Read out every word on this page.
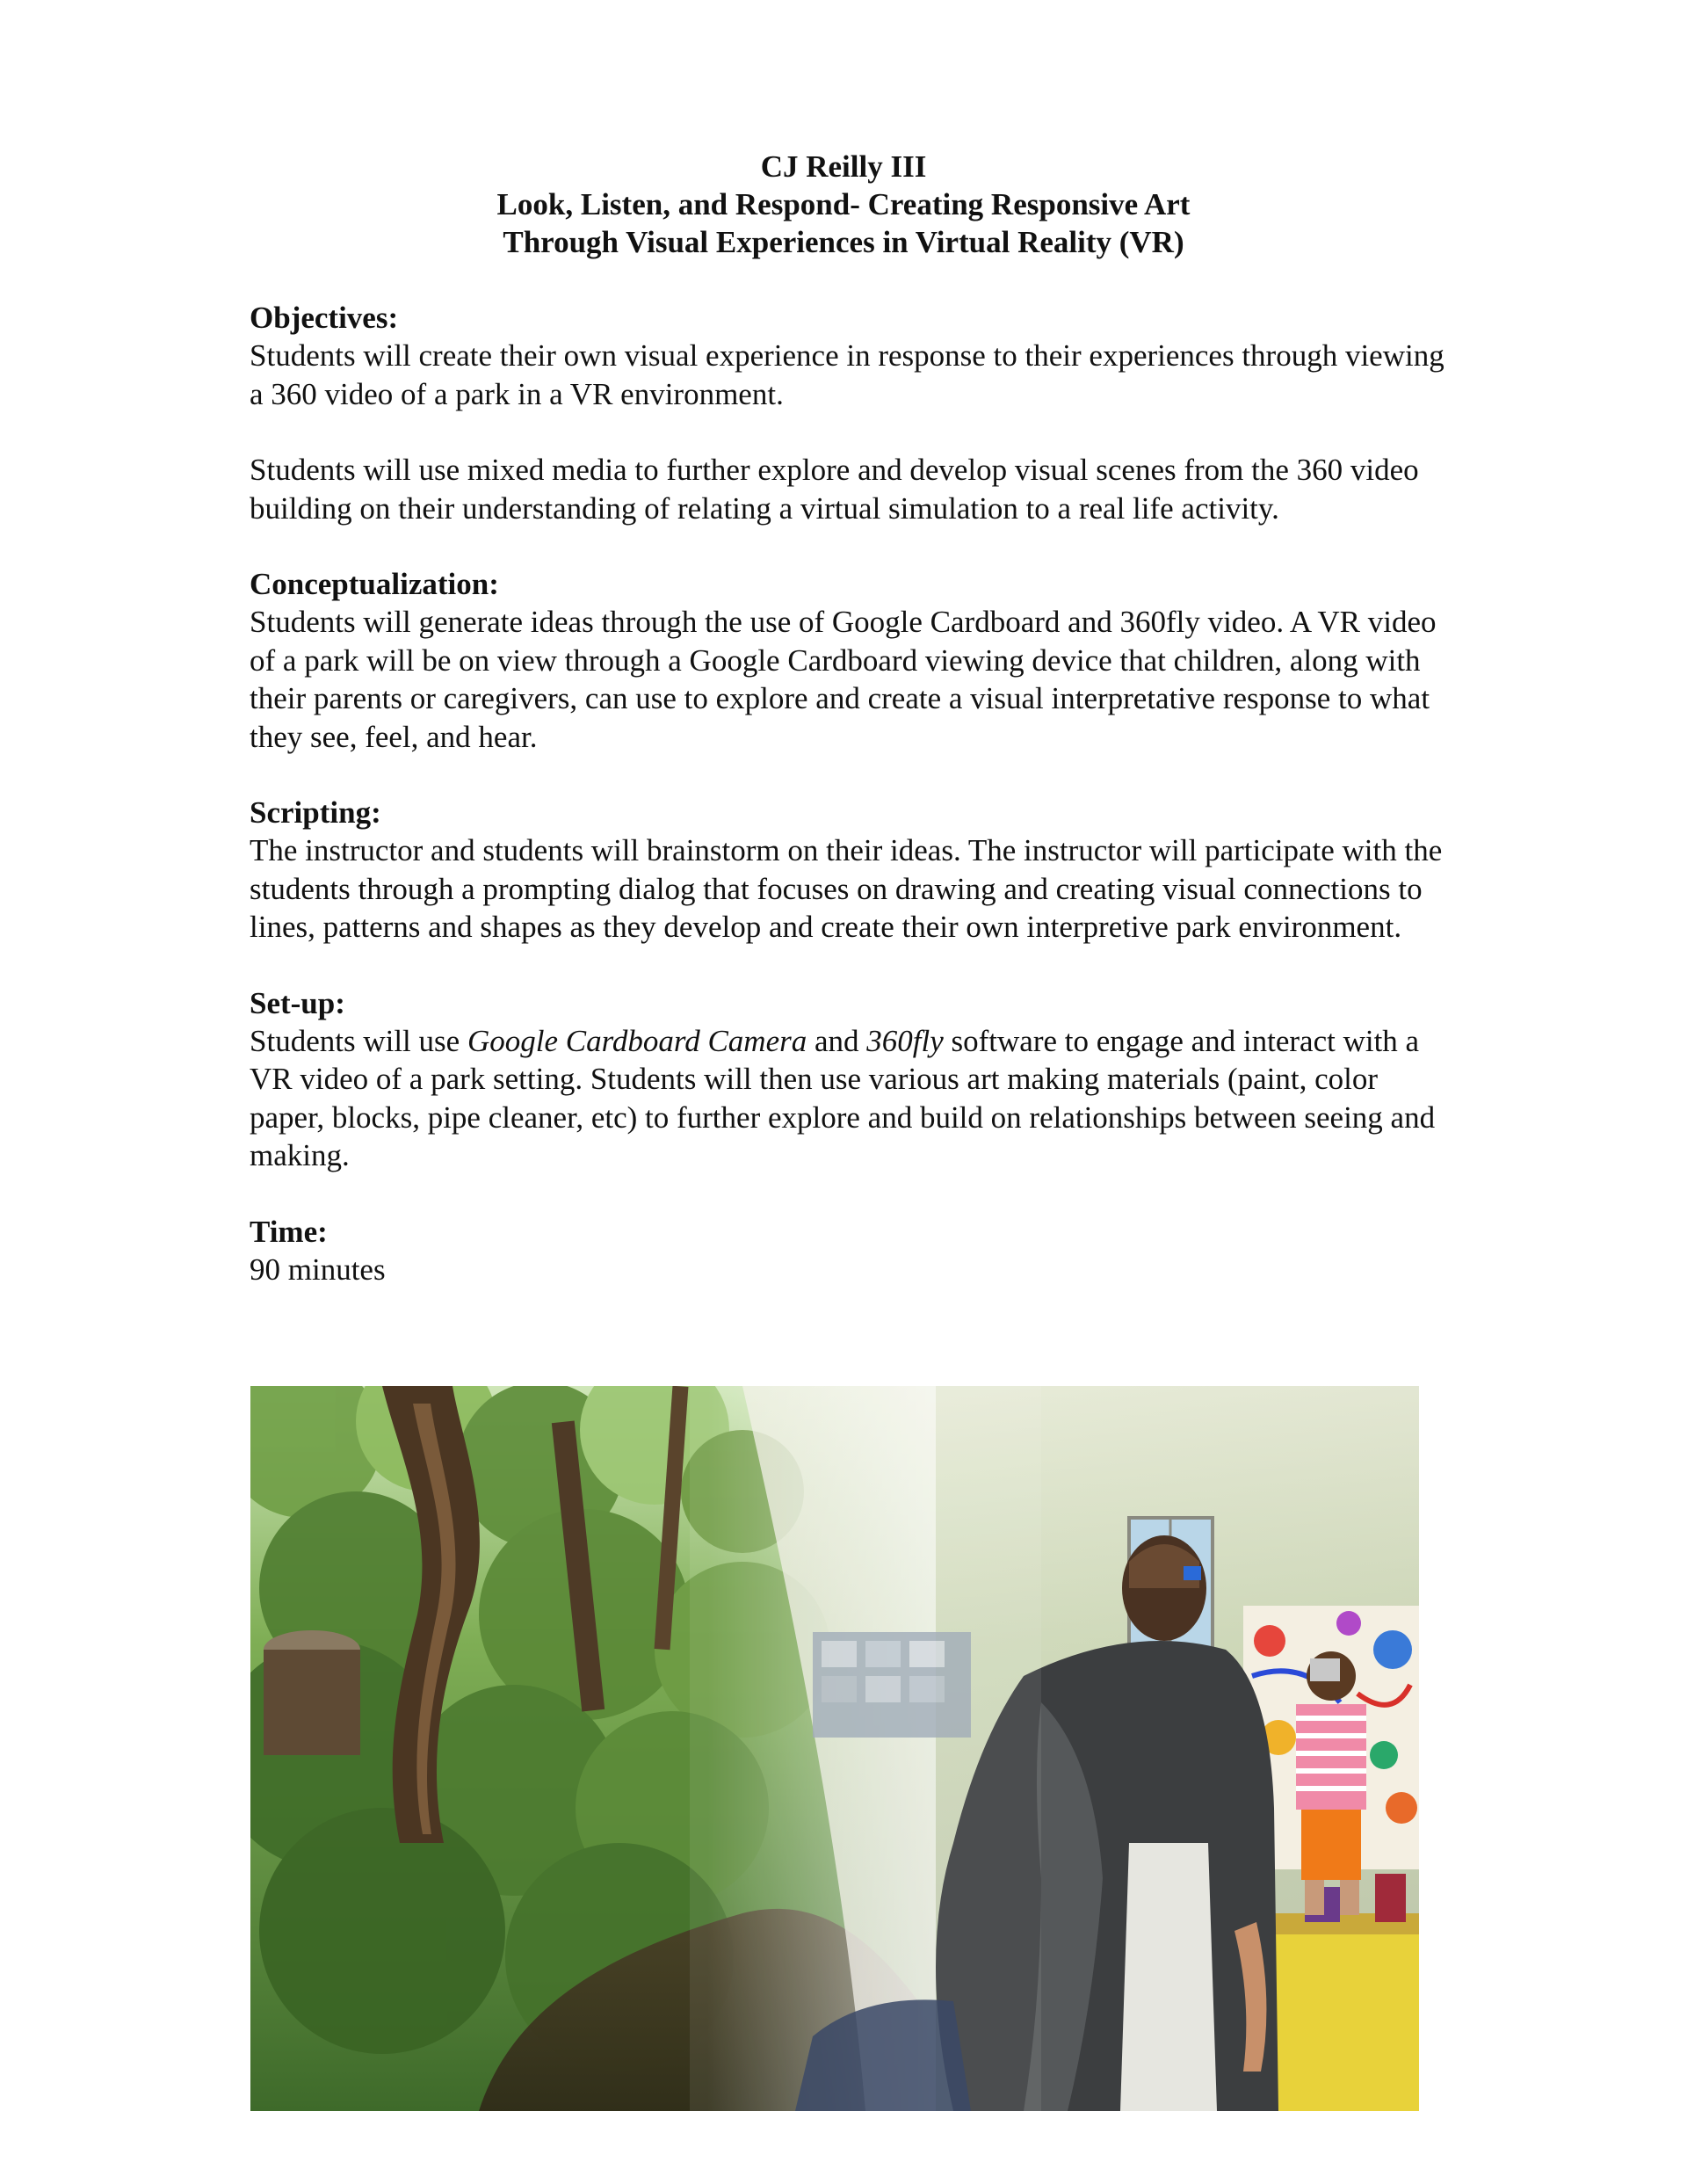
CJ Reilly III
Look, Listen, and Respond- Creating Responsive Art
Through Visual Experiences in Virtual Reality (VR)
Objectives:

Students will create their own visual experience in response to their experiences through viewing a 360 video of a park in a VR environment.

Students will use mixed media to further explore and develop visual scenes from the 360 video building on their understanding of relating a virtual simulation to a real life activity.

Conceptualization:

Students will generate ideas through the use of Google Cardboard and 360fly video. A VR video of a park will be on view through a Google Cardboard viewing device that children, along with their parents or caregivers, can use to explore and create a visual interpretative response to what they see, feel, and hear.

Scripting:

The instructor and students will brainstorm on their ideas. The instructor will participate with the students through a prompting dialog that focuses on drawing and creating visual connections to lines, patterns and shapes as they develop and create their own interpretive park environment.

Set-up:

Students will use Google Cardboard Camera and 360fly software to engage and interact with a VR video of a park setting. Students will then use various art making materials (paint, color paper, blocks, pipe cleaner, etc) to further explore and build on relationships between seeing and making.

Time:

90 minutes
